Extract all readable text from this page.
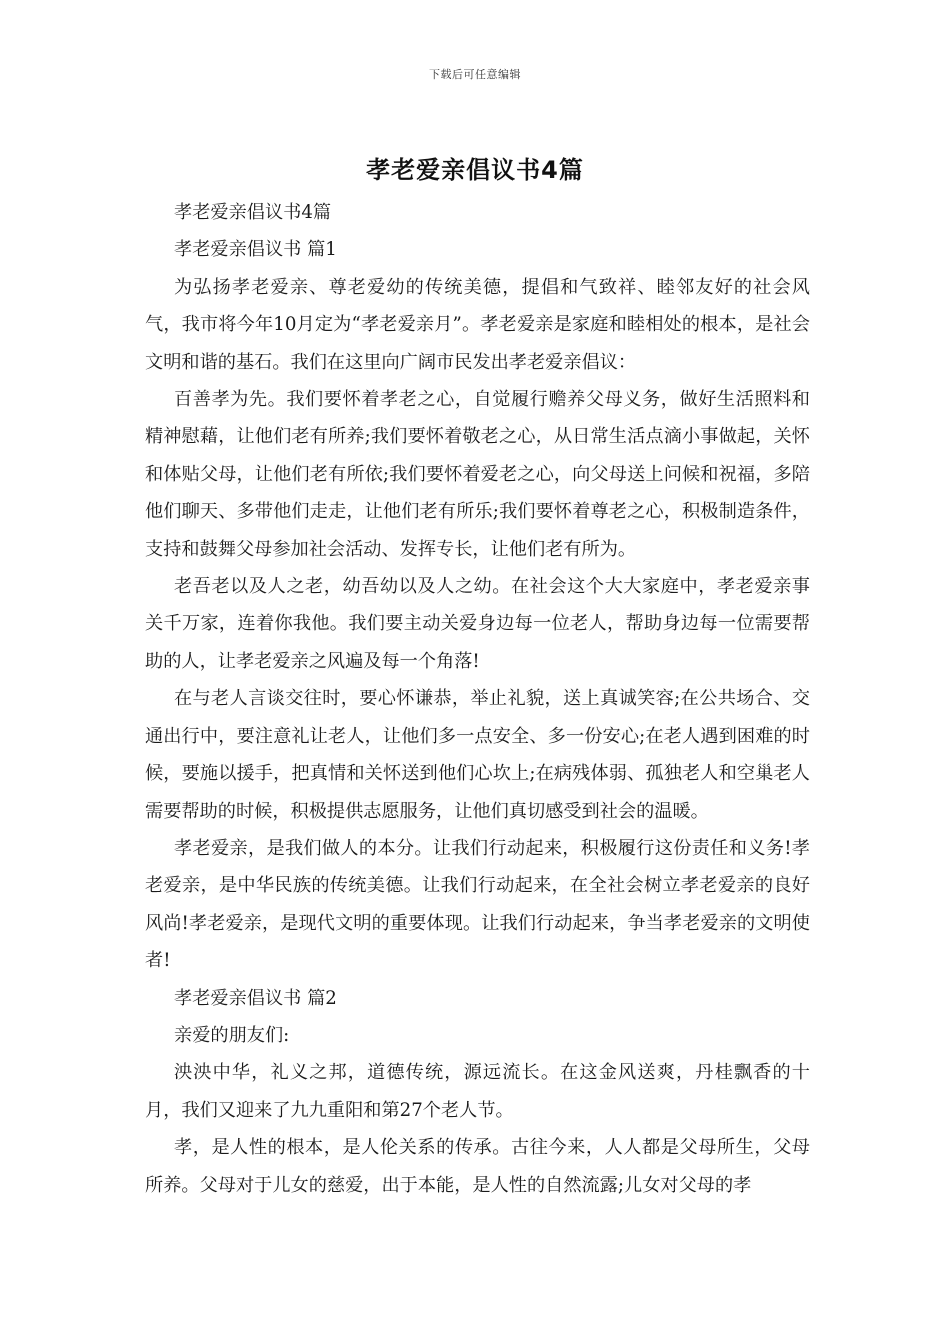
下载后可任意编辑
孝老爱亲倡议书4篇

孝老爱亲倡议书4篇

孝老爱亲倡议书 篇1

为弘扬孝老爱亲、尊老爱幼的传统美德，提倡和气致祥、睦邻友好的社会风气，我市将今年10月定为“孝老爱亲月”。孝老爱亲是家庭和睦相处的根本，是社会文明和谐的基石。我们在这里向广阔市民发出孝老爱亲倡议：

百善孝为先。我们要怀着孝老之心，自觉履行赡养父母义务，做好生活照料和精神慰藉，让他们老有所养;我们要怀着敬老之心，从日常生活点滴小事做起，关怀和体贴父母，让他们老有所依;我们要怀着爱老之心，向父母送上问候和祝福，多陪他们聊天、多带他们走走，让他们老有所乐;我们要怀着尊老之心，积极制造条件，支持和鼓舞父母参加社会活动、发挥专长，让他们老有所为。

老吾老以及人之老，幼吾幼以及人之幼。在社会这个大大家庭中，孝老爱亲事关千万家，连着你我他。我们要主动关爱身边每一位老人，帮助身边每一位需要帮助的人，让孝老爱亲之风遍及每一个角落!

在与老人言谈交往时，要心怀谦恭，举止礼貌，送上真诚笑容;在公共场合、交通出行中，要注意礼让老人，让他们多一点安全、多一份安心;在老人遇到困难的时候，要施以援手，把真情和关怀送到他们心坎上;在病残体弱、孤独老人和空巢老人需要帮助的时候，积极提供志愿服务，让他们真切感受到社会的温暖。

孝老爱亲，是我们做人的本分。让我们行动起来，积极履行这份责任和义务!孝老爱亲，是中华民族的传统美德。让我们行动起来，在全社会树立孝老爱亲的良好风尚!孝老爱亲，是现代文明的重要体现。让我们行动起来，争当孝老爱亲的文明使者!

孝老爱亲倡议书 篇2

亲爱的朋友们:

泱泱中华，礼义之邦，道德传统，源远流长。在这金风送爽，丹桂飘香的十月，我们又迎来了九九重阳和第27个老人节。

孝，是人性的根本，是人伦关系的传承。古往今来，人人都是父母所生，父母所养。父母对于儿女的慈爱，出于本能，是人性的自然流露;儿女对父母的孝
